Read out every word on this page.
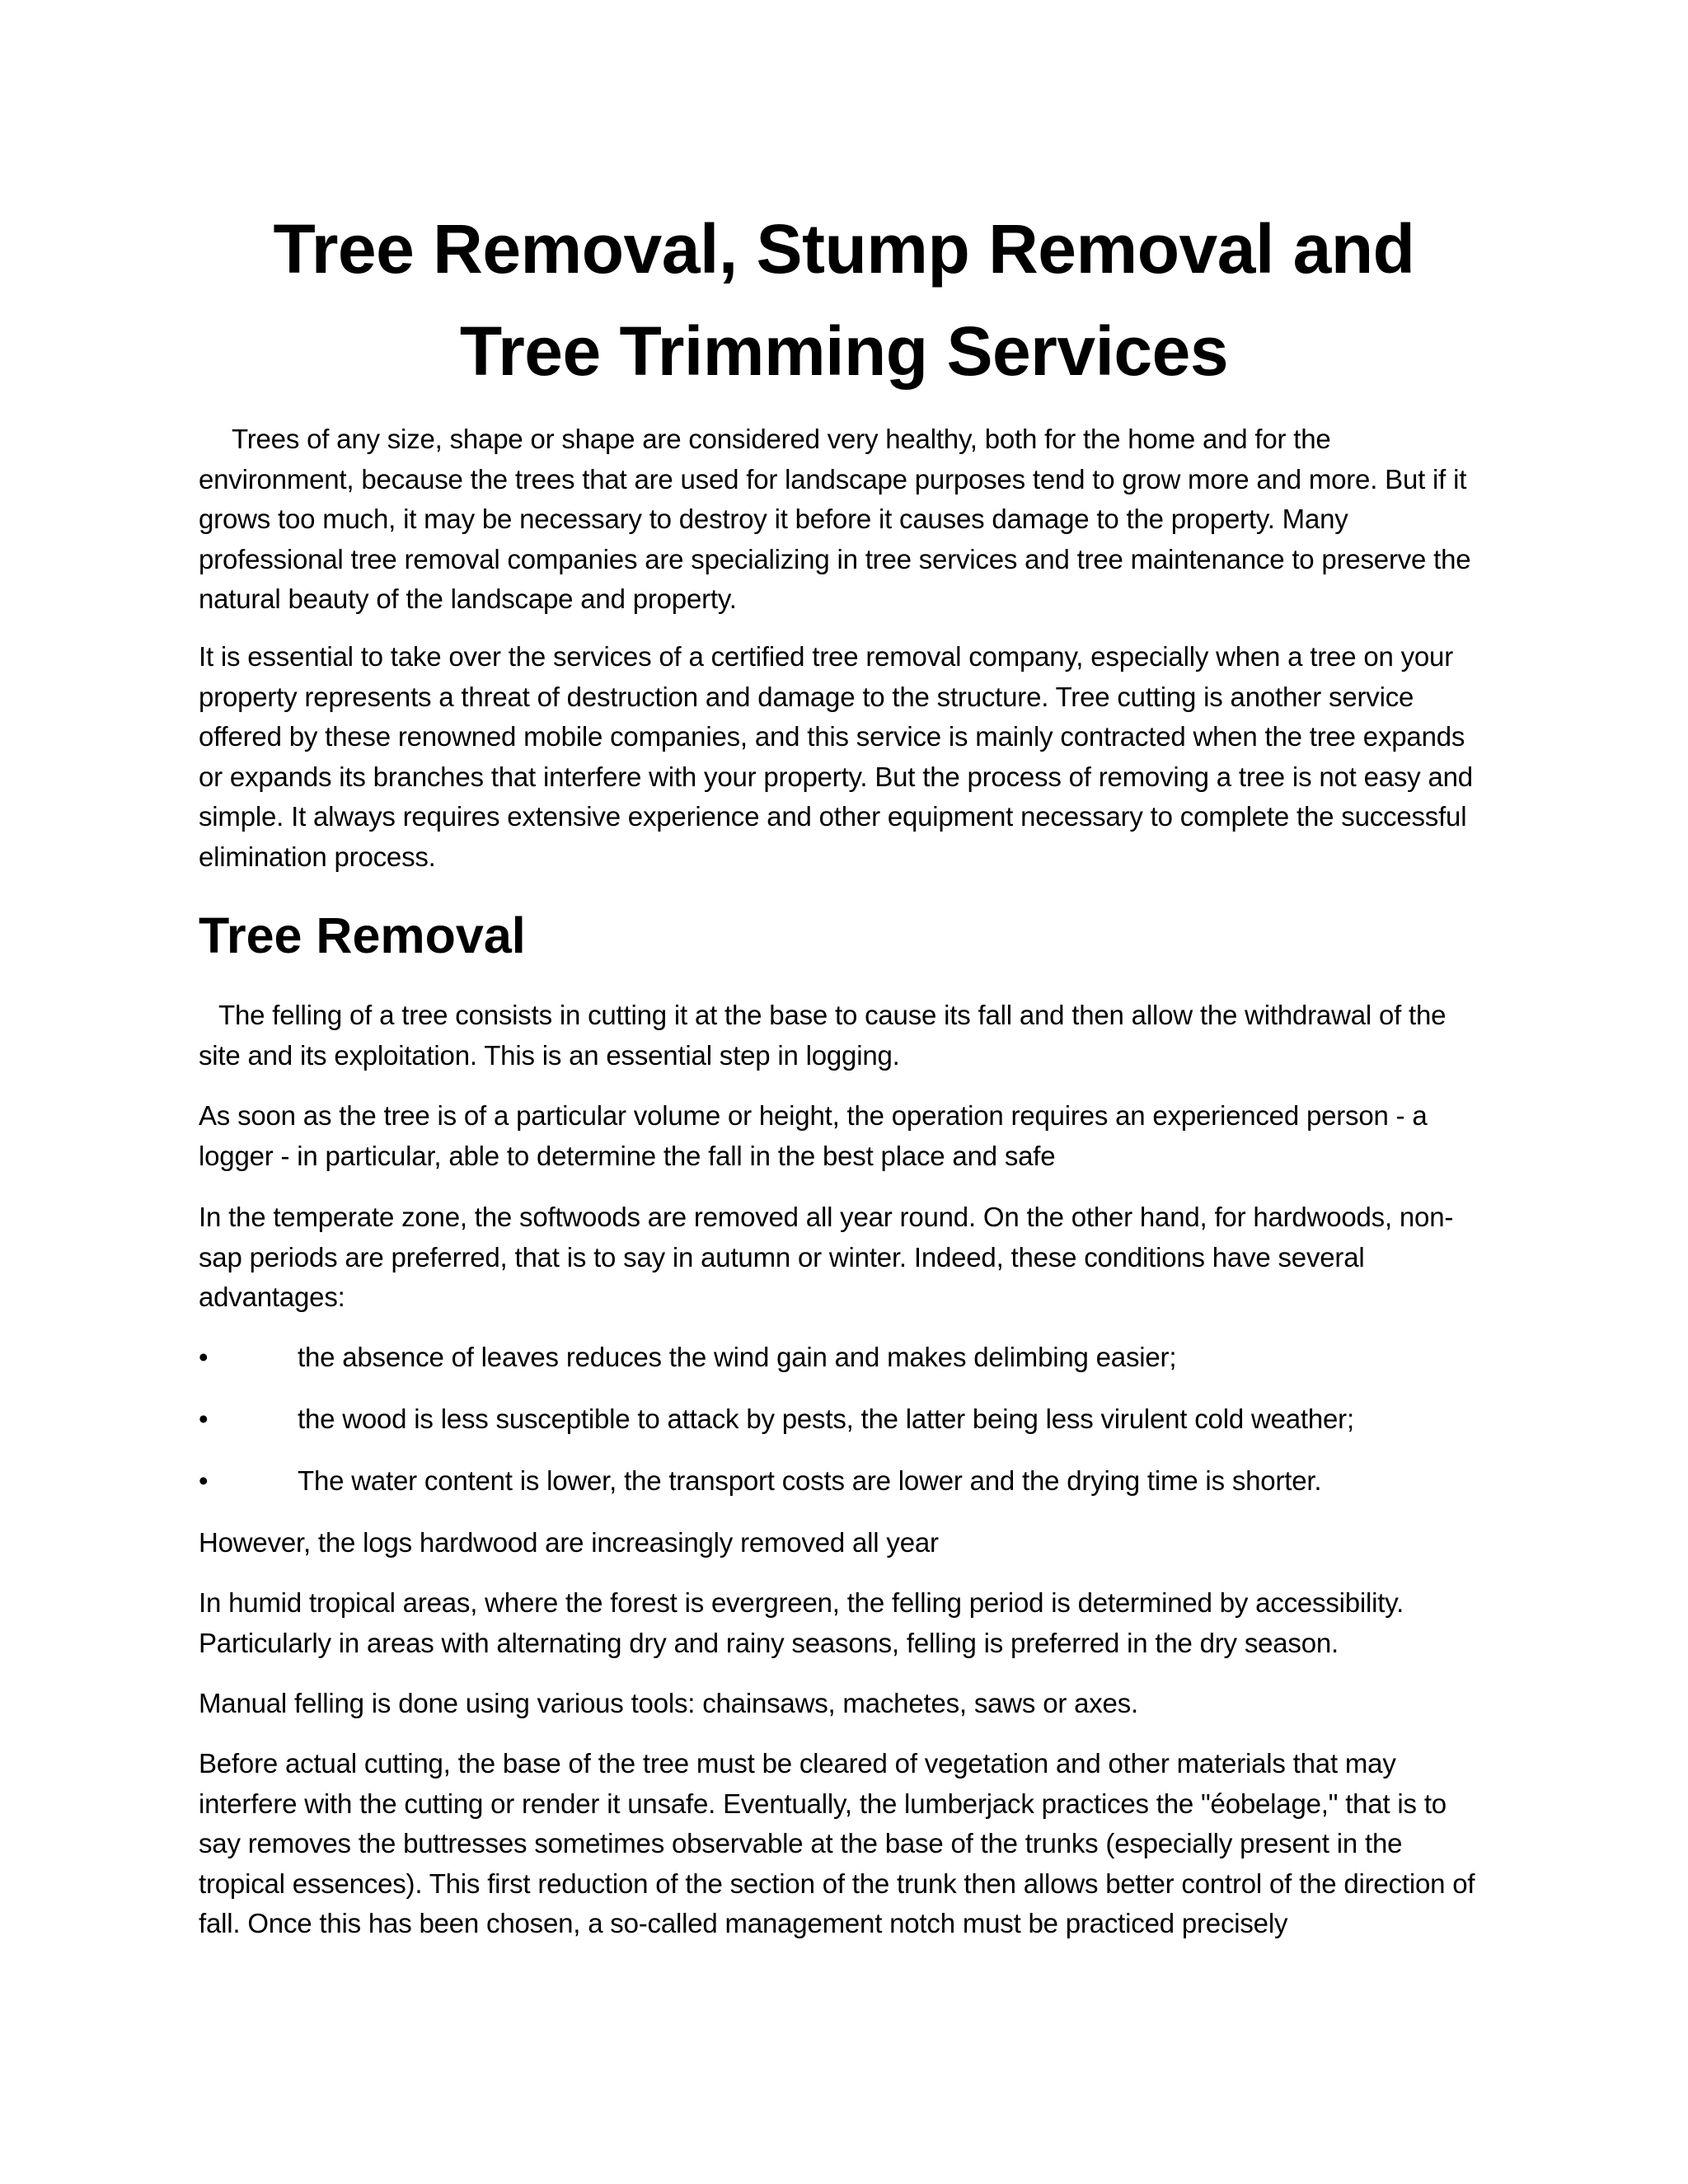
Tree Removal, Stump Removal and Tree Trimming Services

Trees of any size, shape or shape are considered very healthy, both for the home and for the environment, because the trees that are used for landscape purposes tend to grow more and more. But if it grows too much, it may be necessary to destroy it before it causes damage to the property. Many professional tree removal companies are specializing in tree services and tree maintenance to preserve the natural beauty of the landscape and property.

It is essential to take over the services of a certified tree removal company, especially when a tree on your property represents a threat of destruction and damage to the structure. Tree cutting is another service offered by these renowned mobile companies, and this service is mainly contracted when the tree expands or expands its branches that interfere with your property. But the process of removing a tree is not easy and simple. It always requires extensive experience and other equipment necessary to complete the successful elimination process.

Tree Removal

The felling of a tree consists in cutting it at the base to cause its fall and then allow the withdrawal of the site and its exploitation. This is an essential step in logging.

As soon as the tree is of a particular volume or height, the operation requires an experienced person - a logger - in particular, able to determine the fall in the best place and safe

In the temperate zone, the softwoods are removed all year round. On the other hand, for hardwoods, non-sap periods are preferred, that is to say in autumn or winter. Indeed, these conditions have several advantages:

•	the absence of leaves reduces the wind gain and makes delimbing easier;
•	the wood is less susceptible to attack by pests, the latter being less virulent cold weather;
•	The water content is lower, the transport costs are lower and the drying time is shorter.

However, the logs hardwood are increasingly removed all year

In humid tropical areas, where the forest is evergreen, the felling period is determined by accessibility. Particularly in areas with alternating dry and rainy seasons, felling is preferred in the dry season.

Manual felling is done using various tools: chainsaws, machetes, saws or axes.

Before actual cutting, the base of the tree must be cleared of vegetation and other materials that may interfere with the cutting or render it unsafe. Eventually, the lumberjack practices the "éobelage," that is to say removes the buttresses sometimes observable at the base of the trunks (especially present in the tropical essences). This first reduction of the section of the trunk then allows better control of the direction of fall. Once this has been chosen, a so-called management notch must be practiced precisely
